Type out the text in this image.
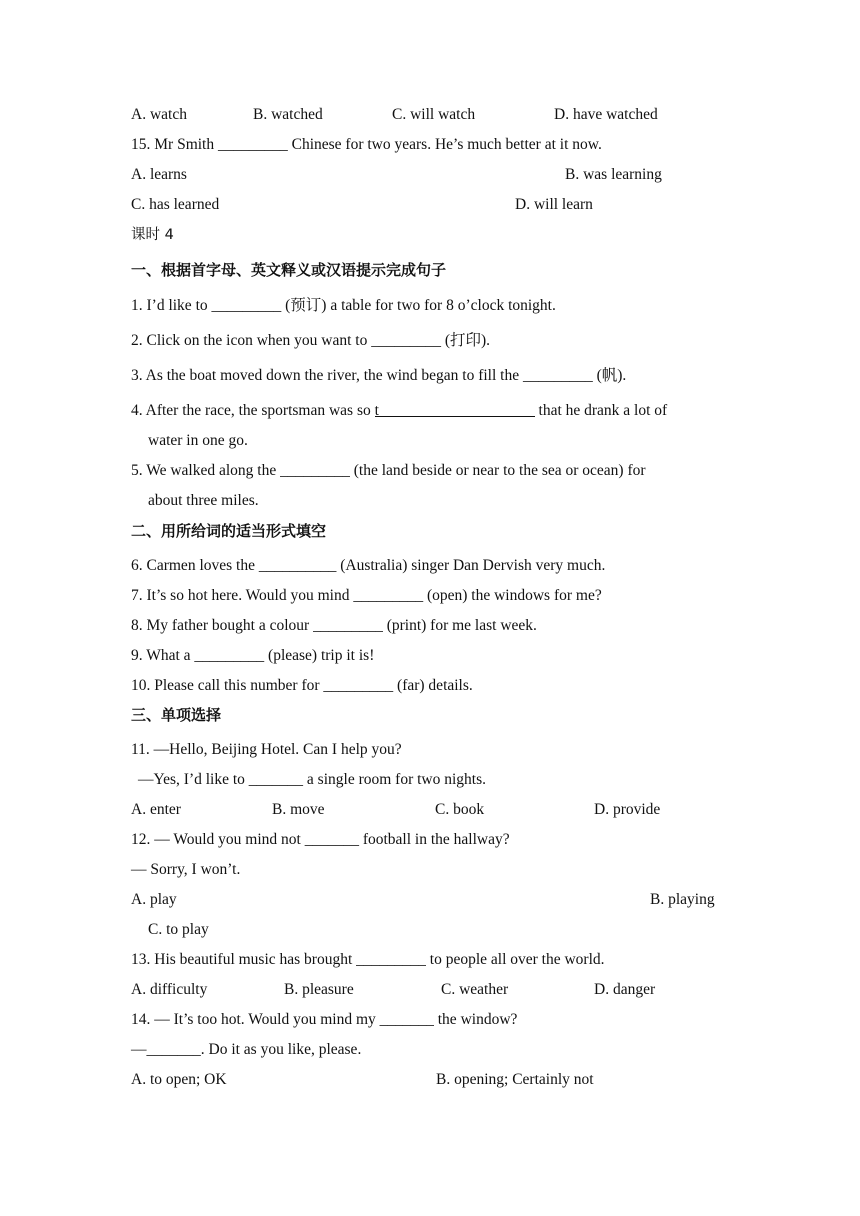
A. watch	B. watched	C. will watch	D. have watched
15. Mr Smith _________ Chinese for two years. He’s much better at it now.
A. learns	B. was learning
C. has learned	D. will learn
课时 4
一、根据首字母、英文释义或汉语提示完成句子
1. I’d like to _________ (预订) a table for two for 8 o’clock tonight.
2. Click on the icon when you want to _________ (打印).
3. As the boat moved down the river, the wind began to fill the _________ (帆).
4. After the race, the sportsman was so t	that he drank a lot of
water in one go.
5. We walked along the _________ (the land beside or near to the sea or ocean) for
about three miles.
二、用所给词的适当形式填空
6. Carmen loves the __________ (Australia) singer Dan Dervish very much.
7. It’s so hot here. Would you mind _________ (open) the windows for me?
8. My father bought a colour _________ (print) for me last week.
9. What a _________ (please) trip it is!
10. Please call this number for _________ (far) details.
三、单项选择
11. —Hello, Beijing Hotel. Can I help you?
—Yes, I’d like to _______ a single room for two nights.
A. enter	B. move	C. book	D. provide
12. — Would you mind not _______ football in the hallway?
— Sorry, I won’t.
A. play	B. playing
C. to play
13. His beautiful music has brought _________ to people all over the world.
A. difficulty	B. pleasure	C. weather	D. danger
14. — It’s too hot. Would you mind my _______ the window?
—_______. Do it as you like, please.
A. to open; OK	B. opening; Certainly not
